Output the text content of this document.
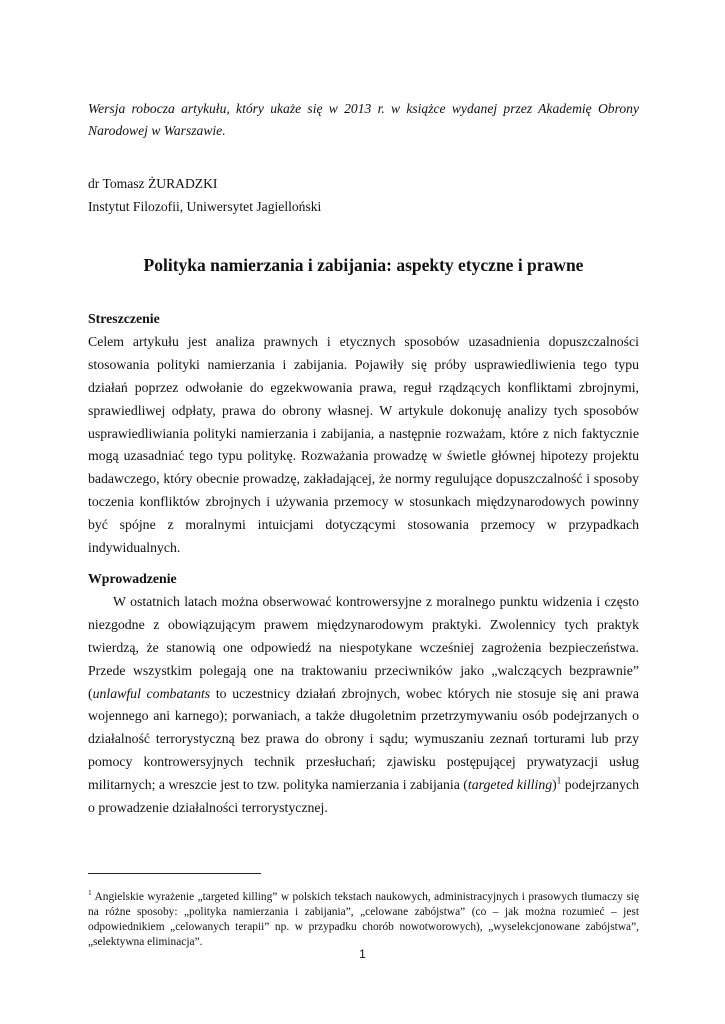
Wersja robocza artykułu, który ukaże się w 2013 r. w książce wydanej przez Akademię Obrony Narodowej w Warszawie.

dr Tomasz ŻURADZKI
Instytut Filozofii, Uniwersytet Jagielloński
Polityka namierzania i zabijania: aspekty etyczne i prawne
Streszczenie

Celem artykułu jest analiza prawnych i etycznych sposobów uzasadnienia dopuszczalności stosowania polityki namierzania i zabijania. Pojawiły się próby usprawiedliwienia tego typu działań poprzez odwołanie do egzekwowania prawa, reguł rządzących konfliktami zbrojnymi, sprawiedliwej odpłaty, prawa do obrony własnej. W artykule dokonuję analizy tych sposobów usprawiedliwiania polityki namierzania i zabijania, a następnie rozważam, które z nich faktycznie mogą uzasadniać tego typu politykę. Rozważania prowadzę w świetle głównej hipotezy projektu badawczego, który obecnie prowadzę, zakładającej, że normy regulujące dopuszczalność i sposoby toczenia konfliktów zbrojnych i używania przemocy w stosunkach międzynarodowych powinny być spójne z moralnymi intuicjami dotyczącymi stosowania przemocy w przypadkach indywidualnych.

Wprowadzenie

W ostatnich latach można obserwować kontrowersyjne z moralnego punktu widzenia i często niezgodne z obowiązującym prawem międzynarodowym praktyki. Zwolennicy tych praktyk twierdzą, że stanowią one odpowiedź na niespotykane wcześniej zagrożenia bezpieczeństwa. Przede wszystkim polegają one na traktowaniu przeciwników jako „walczących bezprawnie” (unlawful combatants to uczestnicy działań zbrojnych, wobec których nie stosuje się ani prawa wojennego ani karnego); porwaniach, a także długoletnim przetrzymywaniu osób podejrzanych o działalność terrorystyczną bez prawa do obrony i sądu; wymuszaniu zeznań torturami lub przy pomocy kontrowersyjnych technik przesłuchań; zjawisku postępującej prywatyzacji usług militarnych; a wreszcie jest to tzw. polityka namierzania i zabijania (targeted killing)$^1$ podejrzanych o prowadzenie działalności terrorystycznej.

$^1$ Angielskie wyrażenie „targeted killing” w polskich tekstach naukowych, administracyjnych i prasowych tłumaczy się na różne sposoby: „polityka namierzania i zabijania”, „celowane zabójstwa” (co – jak można rozumieć – jest odpowiednikiem „celowanych terapii” np. w przypadku chorób nowotworowych), „wyselekcjonowane zabójstwa”, „selektywna eliminacja”.

1
